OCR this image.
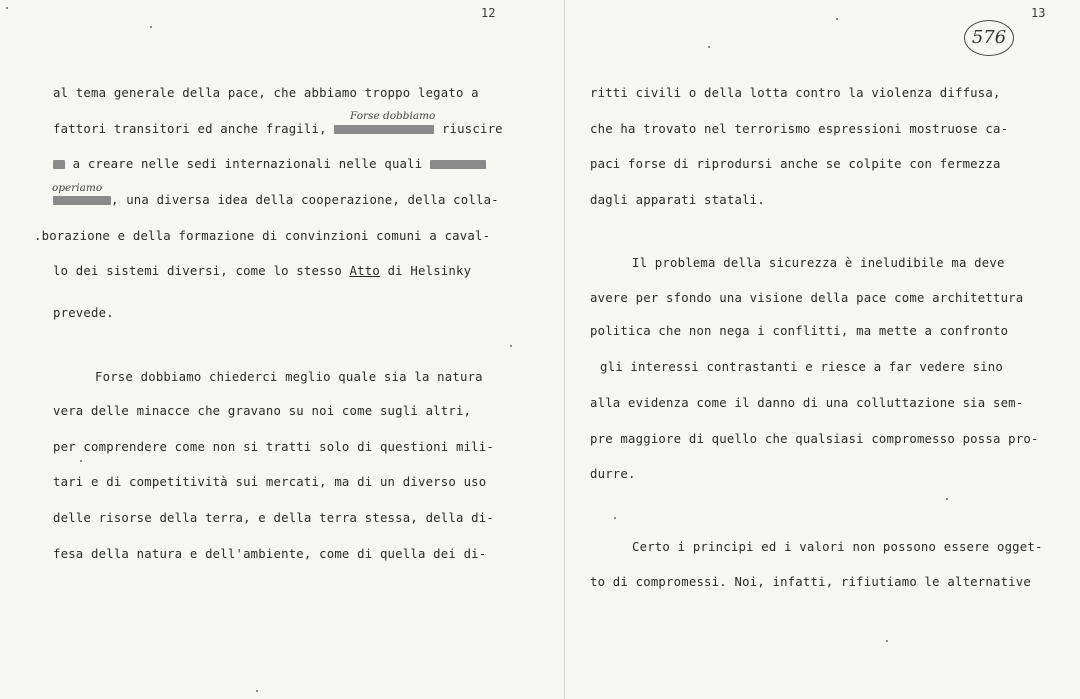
12
al tema generale della pace, che abbiamo troppo legato a
Forse dobbiamo
fattori transitori ed anche fragili,	riuscire
a creare nelle sedi internazionali nelle quali
operiamo
, una diversa idea della cooperazione, della colla-
.borazione e della formazione di convinzioni comuni a caval-
lo dei sistemi diversi, come lo stesso Atto di Helsinky
prevede.
Forse dobbiamo chiederci meglio quale sia la natura
vera delle minacce che gravano su noi come sugli altri,
per comprendere come non si tratti solo di questioni mili-
tari e di competitività sui mercati, ma di un diverso uso
delle risorse della terra, e della terra stessa, della di-
fesa della natura e dell'ambiente, come di quella dei di-
13
576
ritti civili o della lotta contro la violenza diffusa,
che ha trovato nel terrorismo espressioni mostruose ca-
paci forse di riprodursi anche se colpite con fermezza
dagli apparati statali.
Il problema della sicurezza è ineludibile ma deve
avere per sfondo una visione della pace come architettura
politica che non nega i conflitti, ma mette a confronto
gli interessi contrastanti e riesce a far vedere sino
alla evidenza come il danno di una colluttazione sia sem-
pre maggiore di quello che qualsiasi compromesso possa pro-
durre.
Certo i principi ed i valori non possono essere ogget-
to di compromessi. Noi, infatti, rifiutiamo le alternative
